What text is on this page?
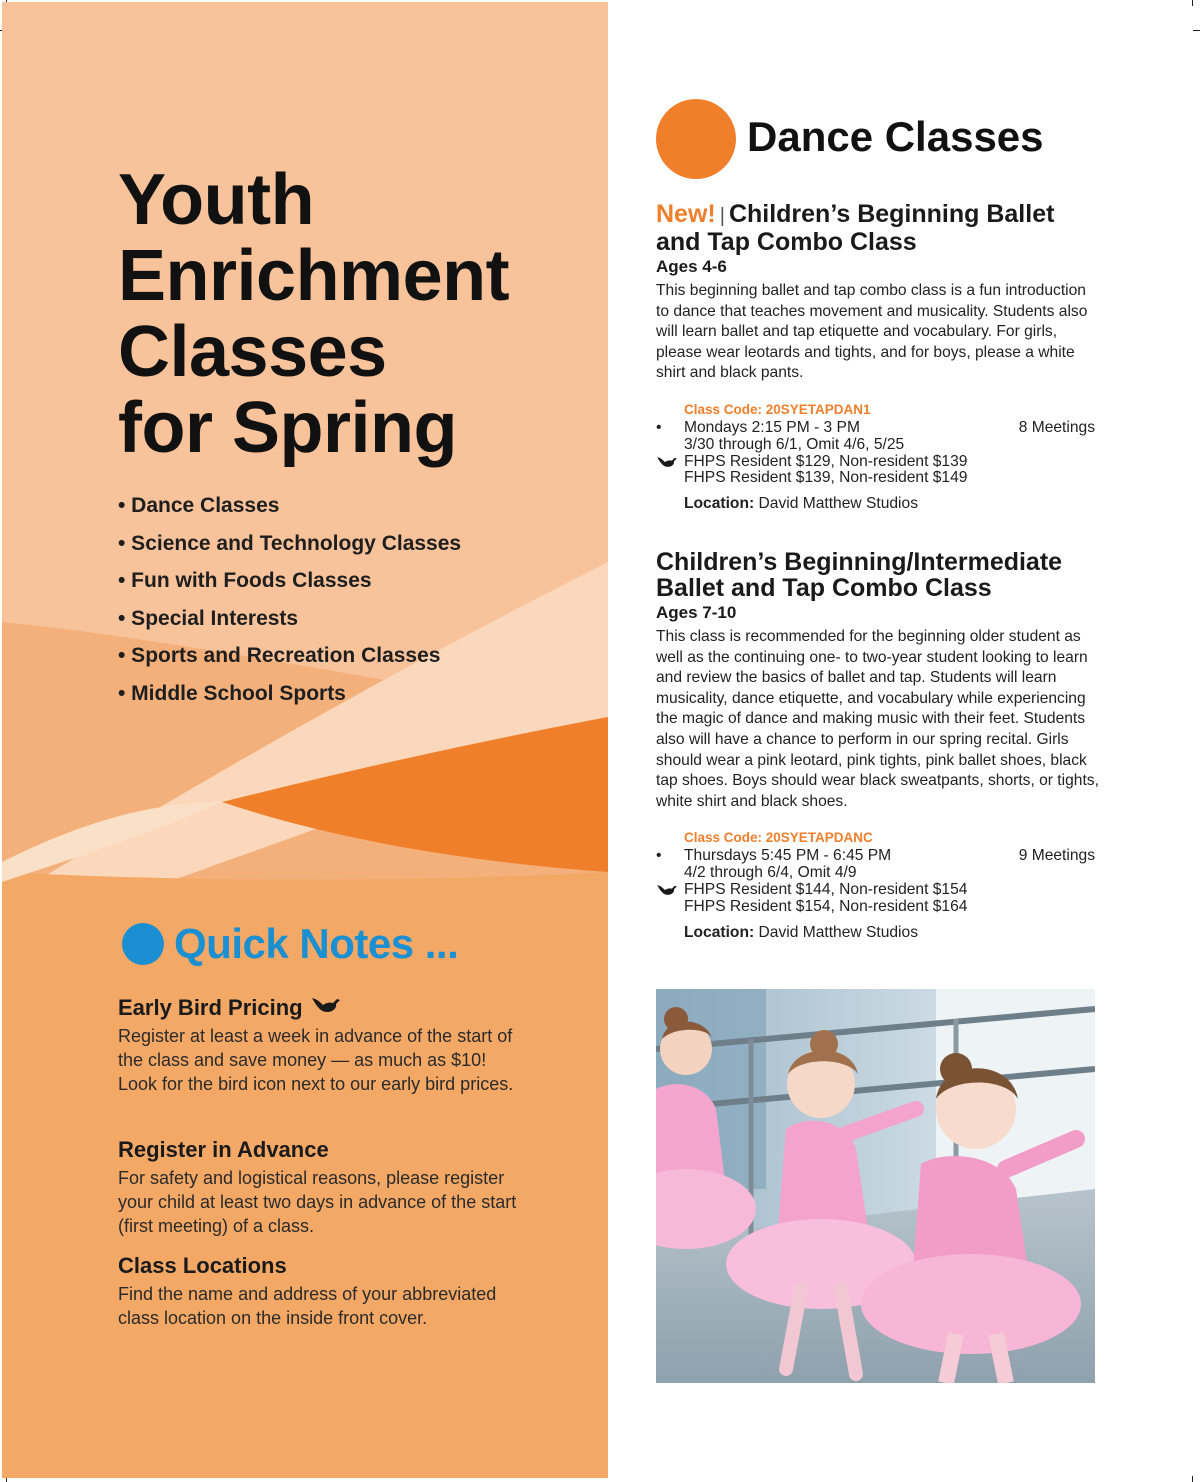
Youth
Enrichment
Classes
for Spring
• Dance Classes
• Science and Technology Classes
• Fun with Foods Classes
• Special Interests
• Sports and Recreation Classes
• Middle School Sports
Quick Notes ...
Early Bird Pricing

Register at least a week in advance of the start of the class and save money — as much as $10! Look for the bird icon next to our early bird prices.

Register in Advance

For safety and logistical reasons, please register your child at least two days in advance of the start (first meeting) of a class.

Class Locations

Find the name and address of your abbreviated class location on the inside front cover.

Dance Classes
New! | Children’s Beginning Ballet and Tap Combo Class
Ages 4-6
This beginning ballet and tap combo class is a fun introduction to dance that teaches movement and musicality. Students also will learn ballet and tap etiquette and vocabulary. For girls, please wear leotards and tights, and for boys, please a white shirt and black pants.
Class Code: 20SYETAPDAN1
• Mondays 2:15 PM - 3 PM	8 Meetings
3/30 through 6/1, Omit 4/6, 5/25
FHPS Resident $129, Non-resident $139
FHPS Resident $139, Non-resident $149
Location: David Matthew Studios
Children’s Beginning/Intermediate Ballet and Tap Combo Class
Ages 7-10
This class is recommended for the beginning older student as well as the continuing one- to two-year student looking to learn and review the basics of ballet and tap. Students will learn musicality, dance etiquette, and vocabulary while experiencing the magic of dance and making music with their feet. Students also will have a chance to perform in our spring recital. Girls should wear a pink leotard, pink tights, pink ballet shoes, black tap shoes. Boys should wear black sweatpants, shorts, or tights, white shirt and black shoes.
Class Code: 20SYETAPDANC
• Thursdays 5:45 PM - 6:45 PM	9 Meetings
4/2 through 6/4, Omit 4/9
FHPS Resident $144, Non-resident $154
FHPS Resident $154, Non-resident $164
Location: David Matthew Studios
